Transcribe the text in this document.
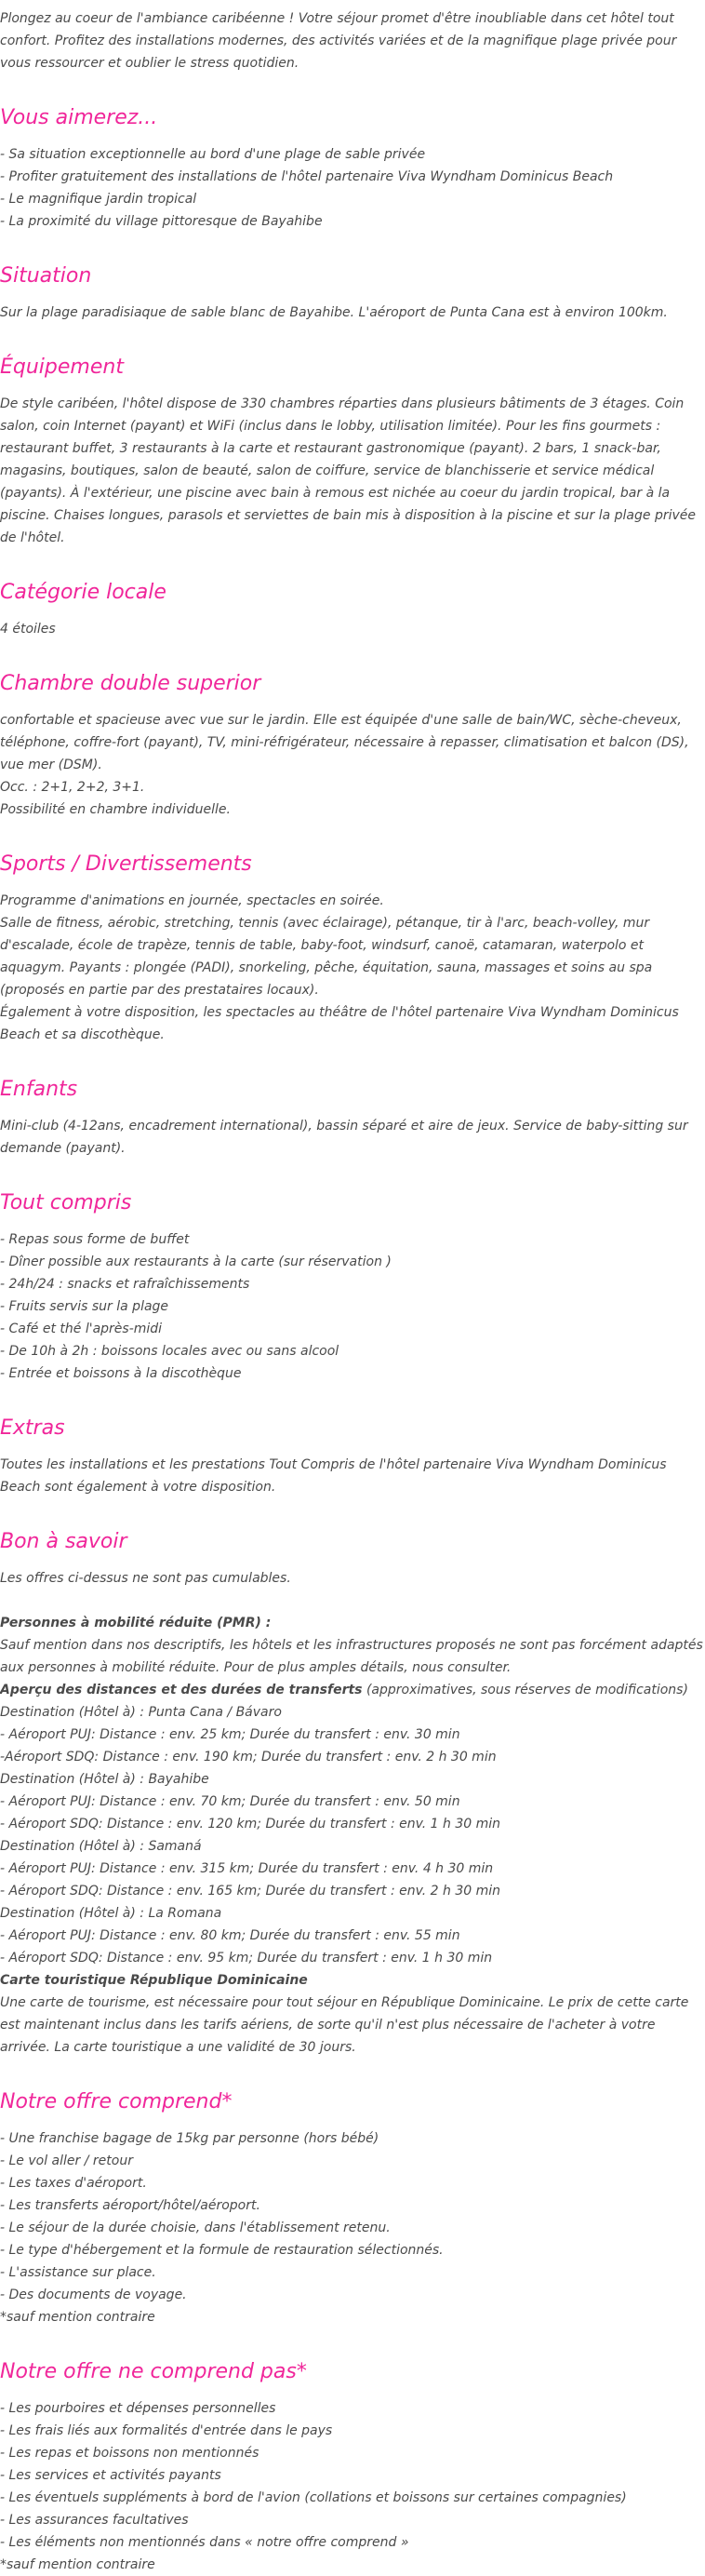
Plongez au coeur de l'ambiance caribéenne ! Votre séjour promet d'être inoubliable dans cet hôtel tout confort. Profitez des installations modernes, des activités variées et de la magnifique plage privée pour vous ressourcer et oublier le stress quotidien.

Vous aimerez...
- Sa situation exceptionnelle au bord d'une plage de sable privée
- Profiter gratuitement des installations de l'hôtel partenaire Viva Wyndham Dominicus Beach
- Le magnifique jardin tropical
- La proximité du village pittoresque de Bayahibe
Situation

Sur la plage paradisiaque de sable blanc de Bayahibe. L'aéroport de Punta Cana est à environ 100km.

Équipement

De style caribéen, l'hôtel dispose de 330 chambres réparties dans plusieurs bâtiments de 3 étages. Coin salon, coin Internet (payant) et WiFi (inclus dans le lobby, utilisation limitée). Pour les fins gourmets : restaurant buffet, 3 restaurants à la carte et restaurant gastronomique (payant). 2 bars, 1 snack-bar, magasins, boutiques, salon de beauté, salon de coiffure, service de blanchisserie et service médical (payants). À l'extérieur, une piscine avec bain à remous est nichée au coeur du jardin tropical, bar à la piscine. Chaises longues, parasols et serviettes de bain mis à disposition à la piscine et sur la plage privée de l'hôtel.

Catégorie locale

4 étoiles

Chambre double superior
confortable et spacieuse avec vue sur le jardin. Elle est équipée d'une salle de bain/WC, sèche-cheveux, téléphone, coffre-fort (payant), TV, mini-réfrigérateur, nécessaire à repasser, climatisation et balcon (DS), vue mer (DSM).
Occ. : 2+1, 2+2, 3+1.
Possibilité en chambre individuelle.
Sports / Divertissements
Programme d'animations en journée, spectacles en soirée.
Salle de fitness, aérobic, stretching, tennis (avec éclairage), pétanque, tir à l'arc, beach-volley, mur d'escalade, école de trapèze, tennis de table, baby-foot, windsurf, canoë, catamaran, waterpolo et aquagym. Payants : plongée (PADI), snorkeling, pêche, équitation, sauna, massages et soins au spa (proposés en partie par des prestataires locaux).
Également à votre disposition, les spectacles au théâtre de l'hôtel partenaire Viva Wyndham Dominicus Beach et sa discothèque.
Enfants

Mini-club (4-12ans, encadrement international), bassin séparé et aire de jeux. Service de baby-sitting sur demande (payant).

Tout compris
- Repas sous forme de buffet
- Dîner possible aux restaurants à la carte (sur réservation )
- 24h/24 : snacks et rafraîchissements
- Fruits servis sur la plage
- Café et thé l'après-midi
- De 10h à 2h : boissons locales avec ou sans alcool
- Entrée et boissons à la discothèque
Extras

Toutes les installations et les prestations Tout Compris de l'hôtel partenaire Viva Wyndham Dominicus Beach sont également à votre disposition.

Bon à savoir

Les offres ci-dessus ne sont pas cumulables.

Personnes à mobilité réduite (PMR) :
Sauf mention dans nos descriptifs, les hôtels et les infrastructures proposés ne sont pas forcément adaptés aux personnes à mobilité réduite. Pour de plus amples détails, nous consulter.
Aperçu des distances et des durées de transferts (approximatives, sous réserves de modifications)
Destination (Hôtel à) : Punta Cana / Bávaro
- Aéroport PUJ: Distance : env. 25 km; Durée du transfert : env. 30 min
-Aéroport SDQ: Distance : env. 190 km; Durée du transfert : env. 2 h 30 min
Destination (Hôtel à) : Bayahibe
- Aéroport PUJ: Distance : env. 70 km; Durée du transfert : env. 50 min
- Aéroport SDQ: Distance : env. 120 km; Durée du transfert : env. 1 h 30 min
Destination (Hôtel à) : Samaná
- Aéroport PUJ: Distance : env. 315 km; Durée du transfert : env. 4 h 30 min
- Aéroport SDQ: Distance : env. 165 km; Durée du transfert : env. 2 h 30 min
Destination (Hôtel à) : La Romana
- Aéroport PUJ: Distance : env. 80 km; Durée du transfert : env. 55 min
- Aéroport SDQ: Distance : env. 95 km; Durée du transfert : env. 1 h 30 min
Carte touristique République Dominicaine
Une carte de tourisme, est nécessaire pour tout séjour en République Dominicaine. Le prix de cette carte est maintenant inclus dans les tarifs aériens, de sorte qu'il n'est plus nécessaire de l'acheter à votre arrivée. La carte touristique a une validité de 30 jours.
Notre offre comprend*
- Une franchise bagage de 15kg par personne (hors bébé)
- Le vol aller / retour
- Les taxes d'aéroport.
- Les transferts aéroport/hôtel/aéroport.
- Le séjour de la durée choisie, dans l'établissement retenu.
- Le type d'hébergement et la formule de restauration sélectionnés.
- L'assistance sur place.
- Des documents de voyage.
*sauf mention contraire
Notre offre ne comprend pas*
- Les pourboires et dépenses personnelles
- Les frais liés aux formalités d'entrée dans le pays
- Les repas et boissons non mentionnés
- Les services et activités payants
- Les éventuels suppléments à bord de l'avion (collations et boissons sur certaines compagnies)
- Les assurances facultatives
- Les éléments non mentionnés dans « notre offre comprend »
*sauf mention contraire
